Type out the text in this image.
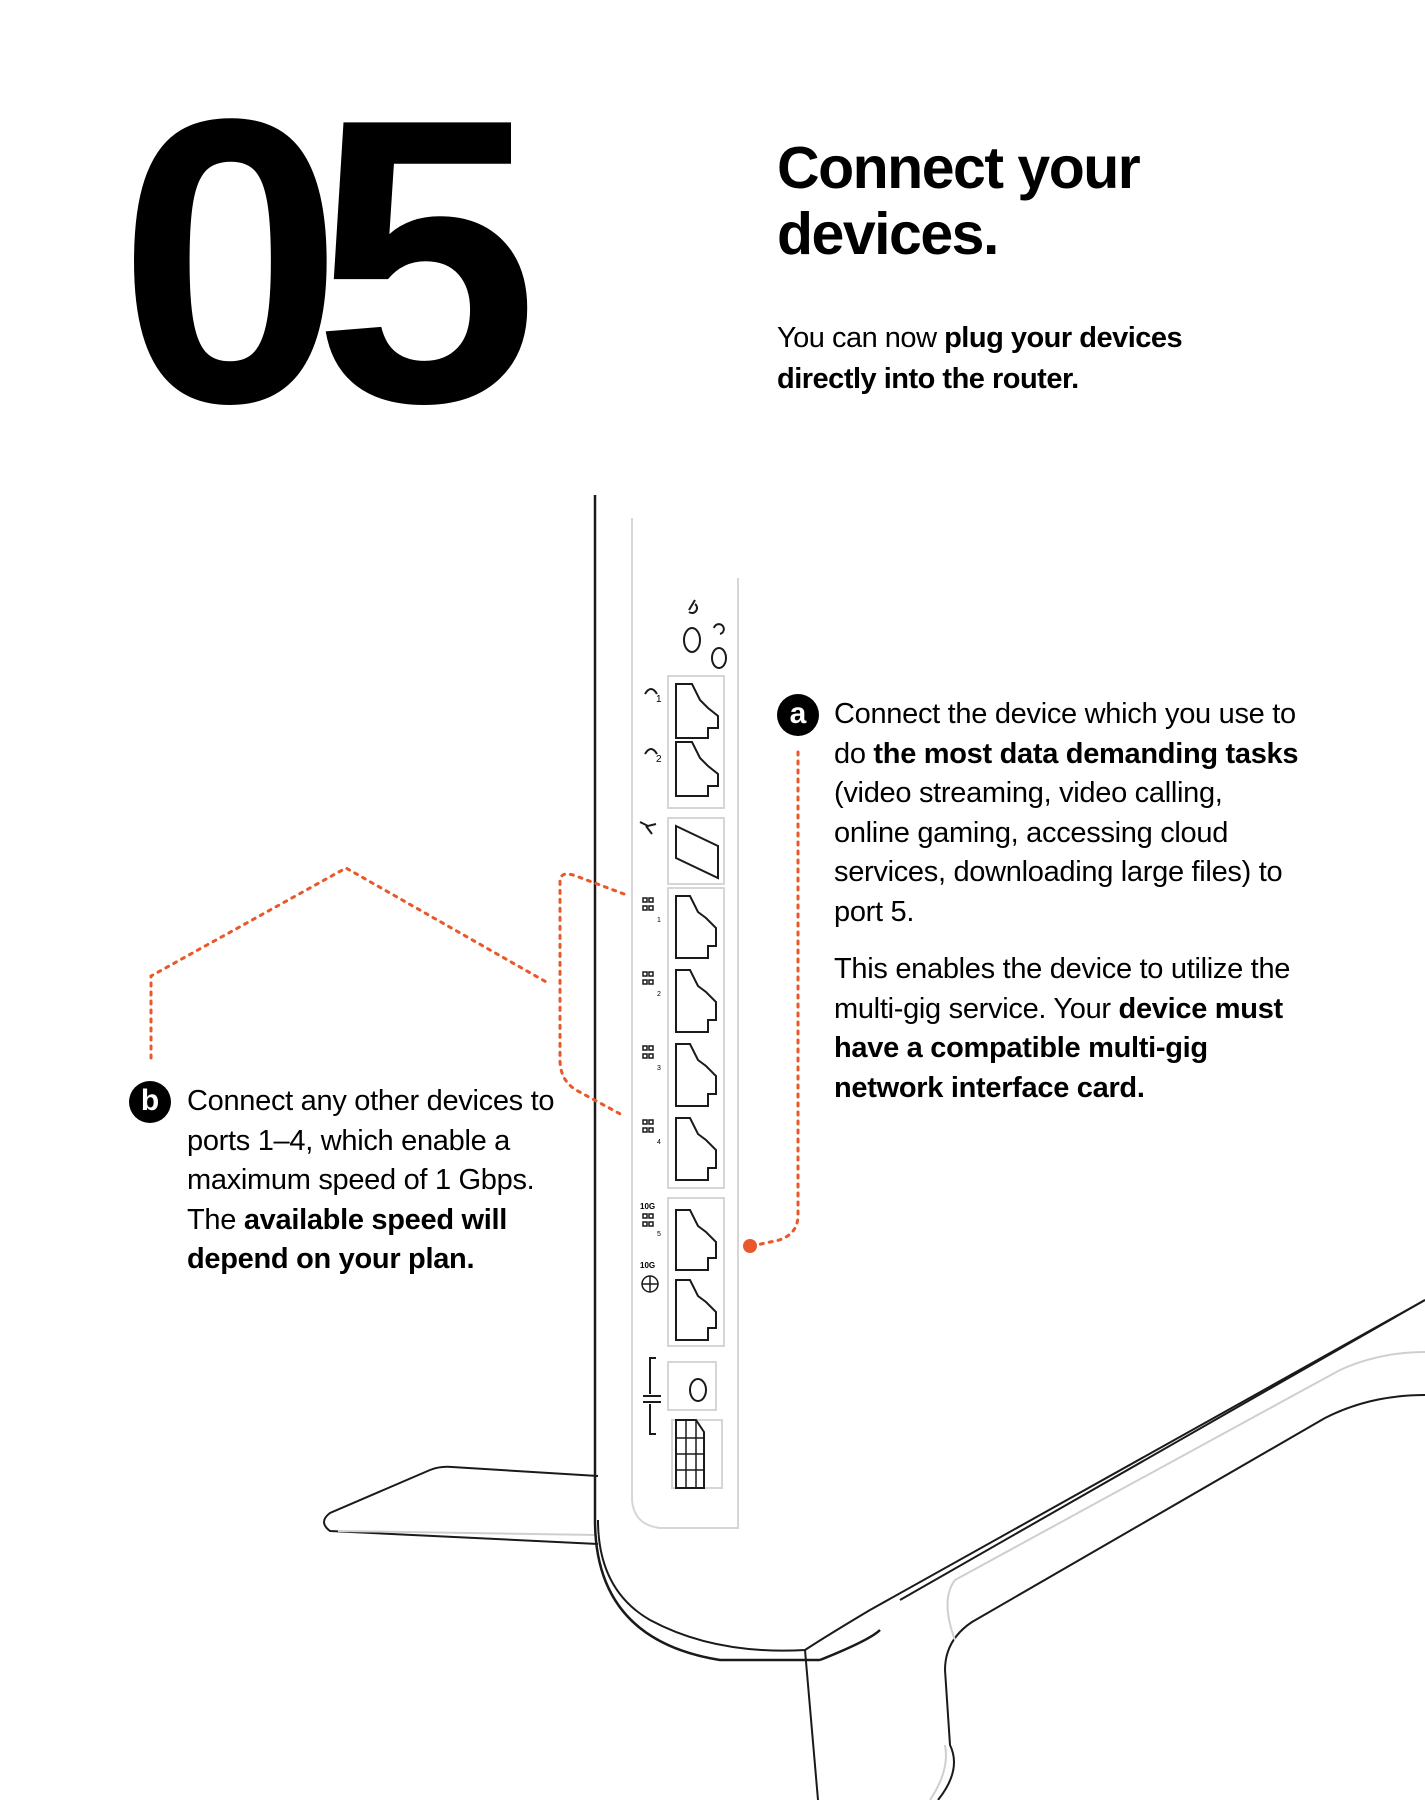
05	Connect your devices.

You can now plug your devices directly into the router.

1
2
1
2
3
4
10G
5
10G
a Connect the device which you use to do the most data demanding tasks (video streaming, video calling, online gaming, accessing cloud services, downloading large files) to port 5.

This enables the device to utilize the multi-gig service. Your device must have a compatible multi-gig network interface card.

b Connect any other devices to ports 1–4, which enable a maximum speed of 1 Gbps. The available speed will depend on your plan.
